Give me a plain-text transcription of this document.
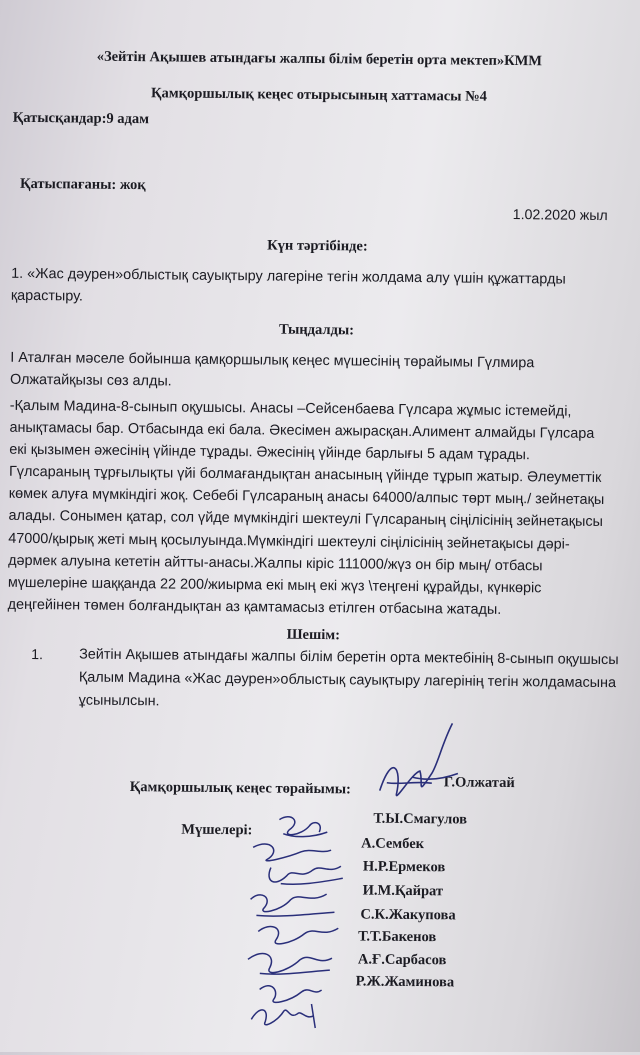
«Зейтін Ақышев атындағы жалпы білім беретін орта мектеп»КММ
Қамқоршылық кеңес отырысының хаттамасы №4
Қатысқандар:9 адам
Қатыспағаны: жоқ
1.02.2020 жыл
Күн тәртібінде:
1. «Жас дәурен»облыстық сауықтыру лагеріне тегін жолдама алу үшін құжаттарды қарастыру.
Тыңдалды:
I Аталған мәселе бойынша қамқоршылық кеңес мүшесінің төрайымы Гүлмира Олжатайқызы сөз алды.
-Қалым Мадина-8-сынып оқушысы. Анасы –Сейсенбаева Гүлсара жұмыс істемейді, анықтамасы бар. Отбасында екі бала. Әкесімен ажырасқан.Алимент алмайды Гүлсара екі қызымен әжесінің үйінде тұрады. Әжесінің үйінде барлығы 5 адам тұрады. Гүлсараның тұрғылықты үйі болмағандықтан анасының үйінде тұрып жатыр. Әлеуметтік көмек алуға мүмкіндігі жоқ. Себебі Гүлсараның анасы 64000/алпыс төрт мың./ зейнетақы алады. Сонымен қатар, сол үйде мүмкіндігі шектеулі Гүлсараның сіңілісінің зейнетақысы 47000/қырық жеті мың қосылуында.Мүмкіндігі шектеулі сіңілісінің зейнетақысы дәрі-дәрмек алуына кететін айтты-анасы.Жалпы кіріс 111000/жүз он бір мың/ отбасы мүшелеріне шаққанда 22 200/жиырма екі мың екі жүз \теңгені құрайды, күнкөріс деңгейінен төмен болғандықтан аз қамтамасыз етілген отбасына жатады.
Шешім:
1. Зейтін Ақышев атындағы жалпы білім беретін орта мектебінің 8-сынып оқушысы Қалым Мадина «Жас дәурен»облыстық сауықтыру лагерінің тегін жолдамасына ұсынылсын.
Қамқоршылық кеңес төрайымы:	Г.Олжатай
Мүшелері:
Т.Ы.Смагулов
А.Сембек
Н.Р.Ермеков
И.М.Қайрат
С.К.Жакупова
Т.Т.Бакенов
А.Ғ.Сарбасов
Р.Ж.Жаминова
